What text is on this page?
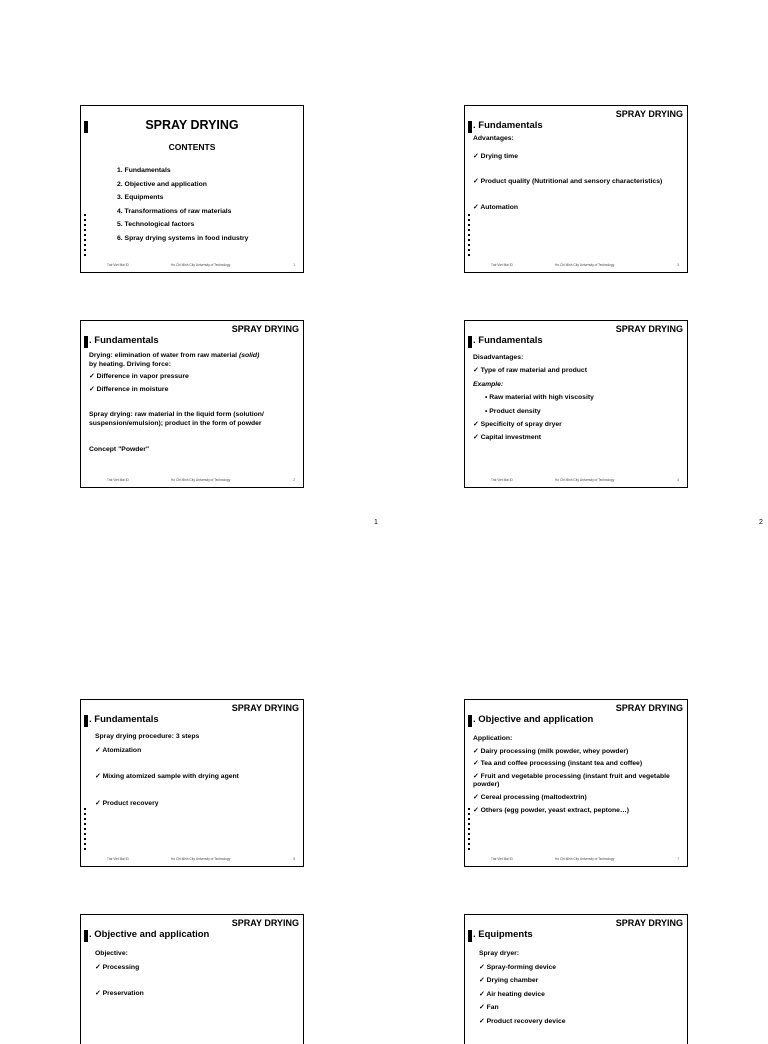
SPRAY DRYING
CONTENTS
1. Fundamentals
2. Objective and application
3. Equipments
4. Transformations of raw materials
5. Technological factors
6. Spray drying systems in food industry
Trai Viet Mai ID	Ho Chi Minh City University of Technology	1
SPRAY DRYING
. Fundamentals
Advantages:
✓ Drying time
✓ Product quality (Nutritional and sensory characteristics)
✓ Automation
Trai Viet Mai ID	Ho Chi Minh City University of Technology	3
SPRAY DRYING
. Fundamentals
Drying: elimination of water from raw material (solid)
by heating. Driving force:
✓ Difference in vapor pressure
✓ Difference in moisture
Spray drying: raw material in the liquid form (solution/ suspension/emulsion); product in the form of powder
Concept "Powder"
Trai Viet Mai ID	Ho Chi Minh City University of Technology	2
SPRAY DRYING
. Fundamentals
Disadvantages:
✓ Type of raw material and product
Example:
• Raw material with high viscosity
• Product density
✓ Specificity of spray dryer
✓ Capital investment
Trai Viet Mai ID	Ho Chi Minh City University of Technology	4
1	2
SPRAY DRYING
. Fundamentals
Spray drying procedure: 3 steps
✓ Atomization
✓ Mixing atomized sample with drying agent
✓ Product recovery
Trai Viet Mai ID	Ho Chi Minh City University of Technology	5
SPRAY DRYING
. Objective and application
Application:
✓ Dairy processing (milk powder, whey powder)
✓ Tea and coffee processing (instant tea and coffee)
✓ Fruit and vegetable processing (instant fruit and vegetable powder)
✓ Cereal processing (maltodextrin)
✓ Others (egg powder, yeast extract, peptone…)
Trai Viet Mai ID	Ho Chi Minh City University of Technology	7
SPRAY DRYING
. Objective and application
Objective:
✓ Processing
✓ Preservation
SPRAY DRYING
. Equipments
Spray dryer:
✓ Spray-forming device
✓ Drying chamber
✓ Air heating device
✓ Fan
✓ Product recovery device
